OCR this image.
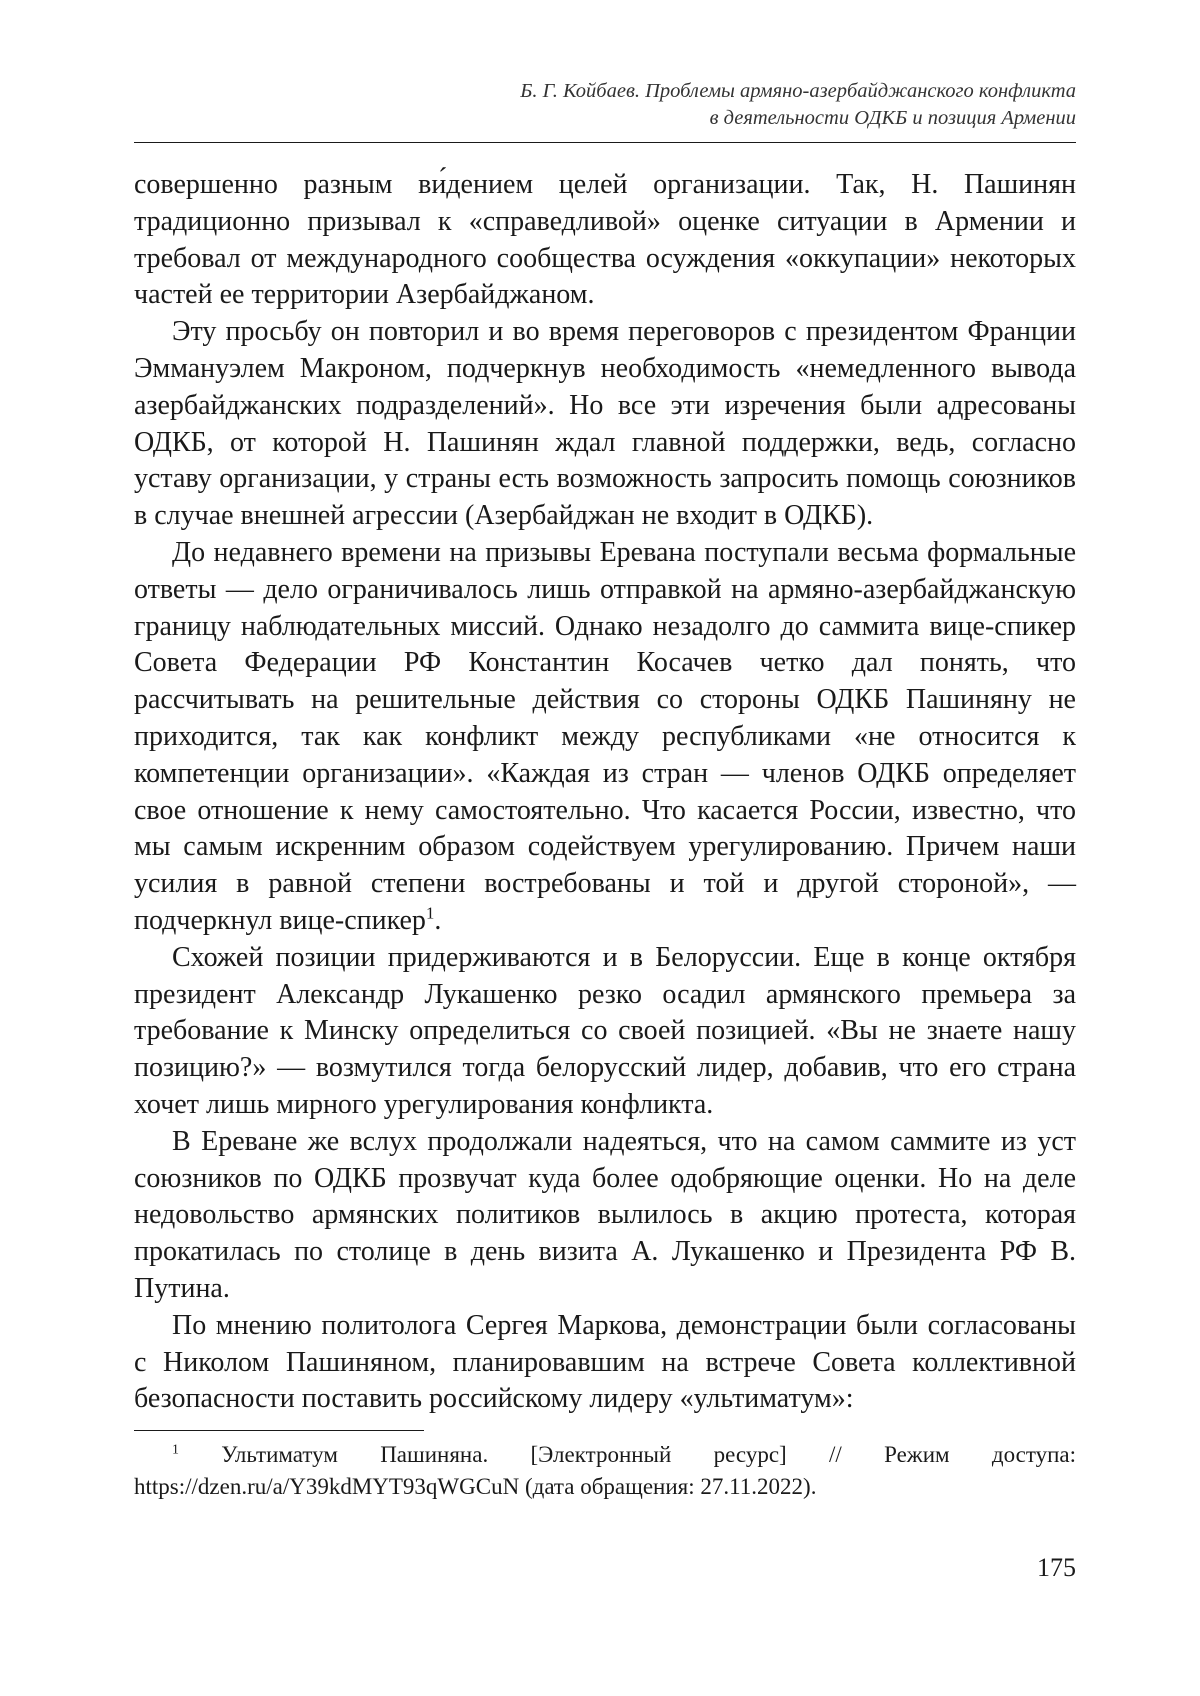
Б. Г. Койбаев. Проблемы армяно-азербайджанского конфликта
в деятельности ОДКБ и позиция Армении

совершенно разным ви́дением целей организации. Так, Н. Пашинян традиционно призывал к «справедливой» оценке ситуации в Армении и требовал от международного сообщества осуждения «оккупации» некоторых частей ее территории Азербайджаном.

Эту просьбу он повторил и во время переговоров с президентом Франции Эммануэлем Макроном, подчеркнув необходимость «немедленного вывода азербайджанских подразделений». Но все эти изречения были адресованы ОДКБ, от которой Н. Пашинян ждал главной поддержки, ведь, согласно уставу организации, у страны есть возможность запросить помощь союзников в случае внешней агрессии (Азербайджан не входит в ОДКБ).

До недавнего времени на призывы Еревана поступали весьма формальные ответы — дело ограничивалось лишь отправкой на армяно-азербайджанскую границу наблюдательных миссий. Однако незадолго до саммита вице-спикер Совета Федерации РФ Константин Косачев четко дал понять, что рассчитывать на решительные действия со стороны ОДКБ Пашиняну не приходится, так как конфликт между республиками «не относится к компетенции организации». «Каждая из стран — членов ОДКБ определяет свое отношение к нему самостоятельно. Что касается России, известно, что мы самым искренним образом содействуем урегулированию. Причем наши усилия в равной степени востребованы и той и другой стороной», — подчеркнул вице-спикер1.

Схожей позиции придерживаются и в Белоруссии. Еще в конце октября президент Александр Лукашенко резко осадил армянского премьера за требование к Минску определиться со своей позицией. «Вы не знаете нашу позицию?» — возмутился тогда белорусский лидер, добавив, что его страна хочет лишь мирного урегулирования конфликта.

В Ереване же вслух продолжали надеяться, что на самом саммите из уст союзников по ОДКБ прозвучат куда более одобряющие оценки. Но на деле недовольство армянских политиков вылилось в акцию протеста, которая прокатилась по столице в день визита А. Лукашенко и Президента РФ В. Путина.

По мнению политолога Сергея Маркова, демонстрации были согласованы с Николом Пашиняном, планировавшим на встрече Совета коллективной безопасности поставить российскому лидеру «ультиматум»:

1 Ультиматум Пашиняна. [Электронный ресурс] // Режим доступа: https://dzen.ru/a/Y39kdMYT93qWGCuN (дата обращения: 27.11.2022).
175
